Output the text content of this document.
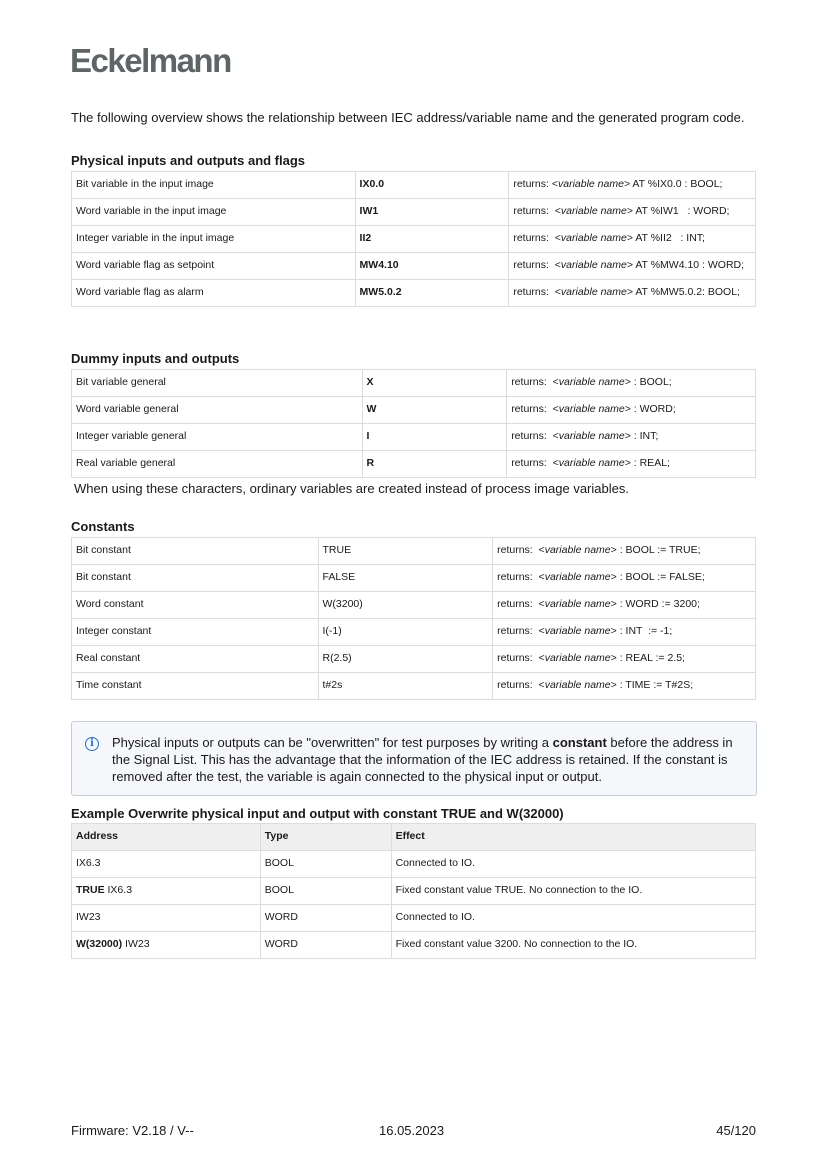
Eckelmann
The following overview shows the relationship between IEC address/variable name and the generated program code.
Physical inputs and outputs and flags
Bit variable in the input image	IX0.0	returns: <variable name> AT %IX0.0 : BOOL;
Word variable in the input image	IW1	returns:  <variable name> AT %IW1   : WORD;
Integer variable in the input image	II2	returns:  <variable name> AT %II2   : INT;
Word variable flag as setpoint	MW4.10	returns:  <variable name> AT %MW4.10 : WORD;
Word variable flag as alarm	MW5.0.2	returns:  <variable name> AT %MW5.0.2: BOOL;
Dummy inputs and outputs
Bit variable general	X	returns:  <variable name> : BOOL;
Word variable general	W	returns:  <variable name> : WORD;
Integer variable general	I	returns:  <variable name> : INT;
Real variable general	R	returns:  <variable name> : REAL;
When using these characters, ordinary variables are created instead of process image variables.
Constants
Bit constant	TRUE	returns:  <variable name> : BOOL := TRUE;
Bit constant	FALSE	returns:  <variable name> : BOOL := FALSE;
Word constant	W(3200)	returns:  <variable name> : WORD := 3200;
Integer constant	I(-1)	returns:  <variable name> : INT  := -1;
Real constant	R(2.5)	returns:  <variable name> : REAL := 2.5;
Time constant	t#2s	returns:  <variable name> : TIME := T#2S;
i	Physical inputs or outputs can be "overwritten" for test purposes by writing a constant before the address in the Signal List. This has the advantage that the information of the IEC address is retained. If the constant is removed after the test, the variable is again connected to the physical input or output.
Example Overwrite physical input and output with constant TRUE and W(32000)
Address	Type	Effect
IX6.3	BOOL	Connected to IO.
TRUE IX6.3	BOOL	Fixed constant value TRUE. No connection to the IO.
IW23	WORD	Connected to IO.
W(32000) IW23	WORD	Fixed constant value 3200. No connection to the IO.
Firmware: V2.18 / V--	16.05.2023	45/120
